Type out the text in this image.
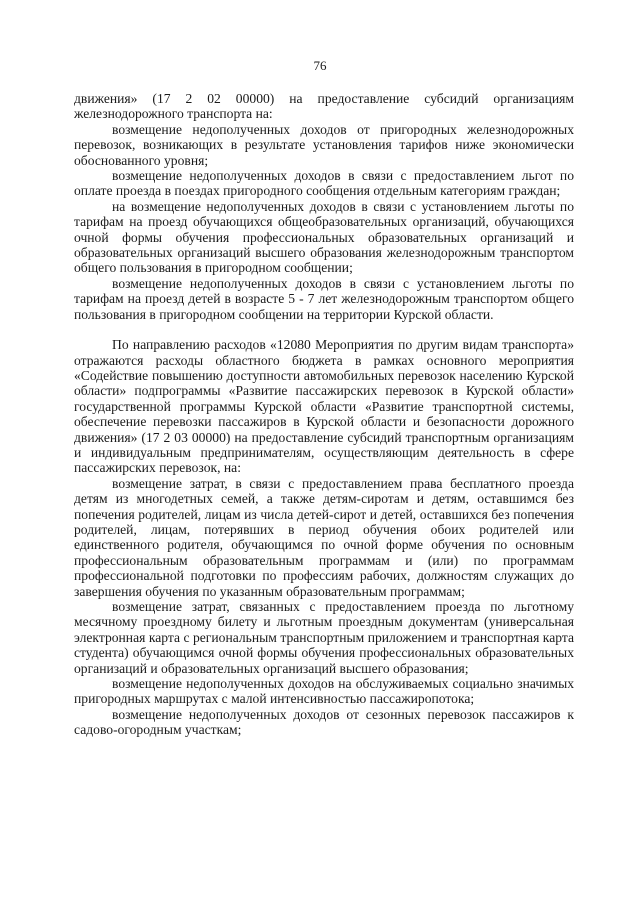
76

движения» (17 2 02 00000) на предоставление субсидий организациям железнодорожного транспорта на:

возмещение недополученных доходов от пригородных железнодорожных перевозок, возникающих в результате установления тарифов ниже экономически обоснованного уровня;

возмещение недополученных доходов в связи с предоставлением льгот по оплате проезда в поездах пригородного сообщения отдельным категориям граждан;

на возмещение недополученных доходов в связи с установлением льготы по тарифам на проезд обучающихся общеобразовательных организаций, обучающихся очной формы обучения профессиональных образовательных организаций и образовательных организаций высшего образования железнодорожным транспортом общего пользования в пригородном сообщении;

возмещение недополученных доходов в связи с установлением льготы по тарифам на проезд детей в возрасте 5 - 7 лет железнодорожным транспортом общего пользования в пригородном сообщении на территории Курской области.

По направлению расходов «12080 Мероприятия по другим видам транспорта» отражаются расходы областного бюджета в рамках основного мероприятия «Содействие повышению доступности автомобильных перевозок населению Курской области» подпрограммы «Развитие пассажирских перевозок в Курской области» государственной программы Курской области «Развитие транспортной системы, обеспечение перевозки пассажиров в Курской области и безопасности дорожного движения» (17 2 03 00000) на предоставление субсидий транспортным организациям и индивидуальным предпринимателям, осуществляющим деятельность в сфере пассажирских перевозок, на:

возмещение затрат, в связи с предоставлением права бесплатного проезда детям из многодетных семей, а также детям-сиротам и детям, оставшимся без попечения родителей, лицам из числа детей-сирот и детей, оставшихся без попечения родителей, лицам, потерявших в период обучения обоих родителей или единственного родителя, обучающимся по очной форме обучения по основным профессиональным образовательным программам и (или) по программам профессиональной подготовки по профессиям рабочих, должностям служащих до завершения обучения по указанным образовательным программам;

возмещение затрат, связанных с предоставлением проезда по льготному месячному проездному билету и льготным проездным документам (универсальная электронная карта с региональным транспортным приложением и транспортная карта студента) обучающимся очной формы обучения профессиональных образовательных организаций и образовательных организаций высшего образования;

возмещение недополученных доходов на обслуживаемых социально значимых пригородных маршрутах с малой интенсивностью пассажиропотока;

возмещение недополученных доходов от сезонных перевозок пассажиров к садово-огородным участкам;
